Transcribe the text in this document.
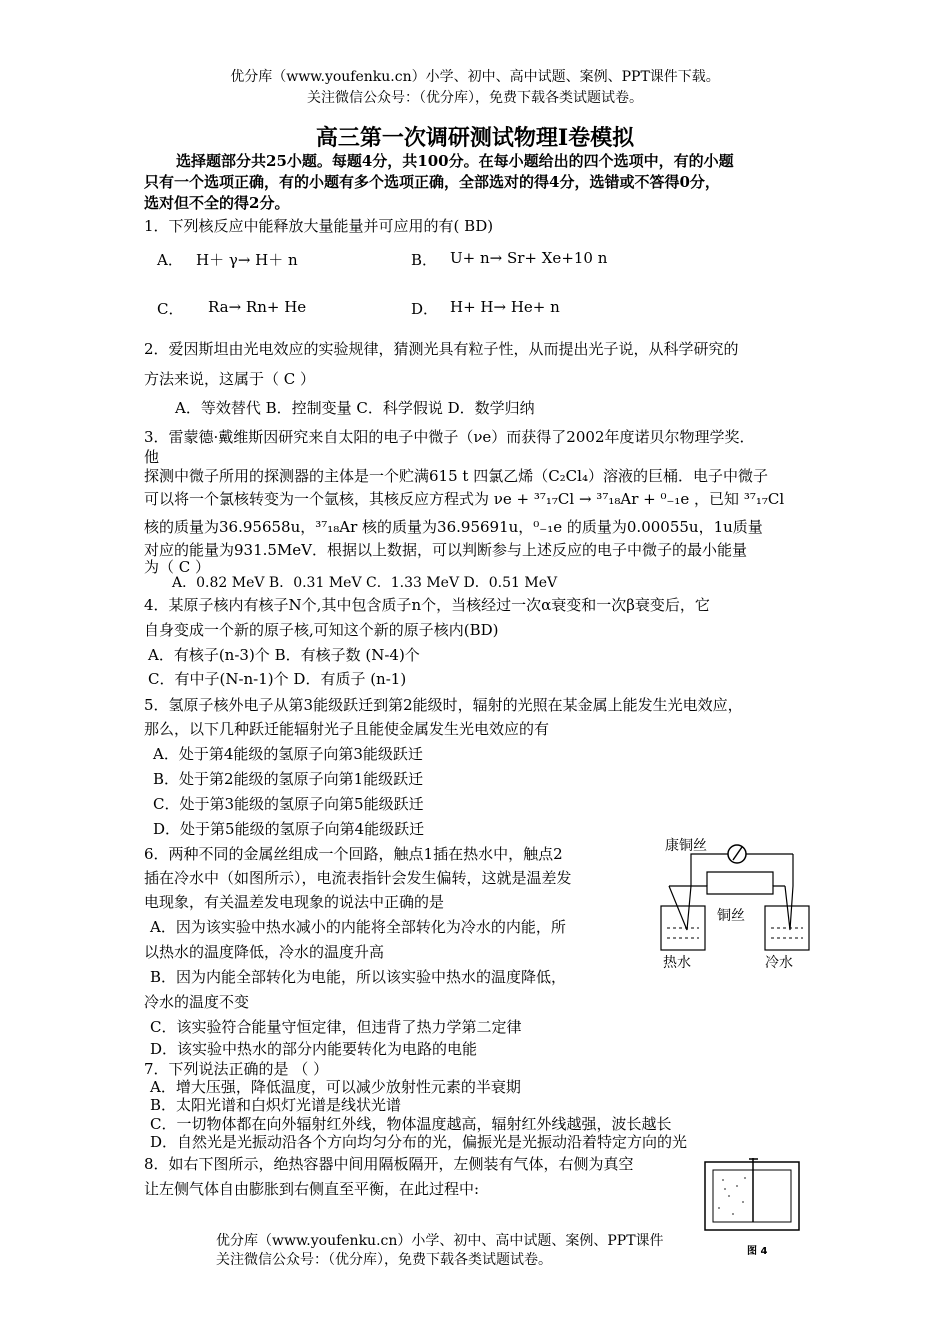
优分库（www.youfenku.cn）小学、初中、高中试题、案例、PPT课件下载。
关注微信公众号：（优分库），免费下载各类试题试卷。
高三第一次调研测试物理Ⅰ卷模拟
选择题部分共25小题。每题4分，共100分。在每小题给出的四个选项中，有的小题
只有一个选项正确，有的小题有多个选项正确，全部选对的得4分，选错或不答得0分，
选对但不全的得2分。
1．下列核反应中能释放大量能量并可应用的有( BD)
A． H＋ γ→ H＋ n	B． U+ n→ Sr+ Xe+10 n
C． Ra→ Rn+ He	D． H+ H→ He+ n
2．爱因斯坦由光电效应的实验规律，猜测光具有粒子性，从而提出光子说，从科学研究的
方法来说，这属于（ C ）
A．等效替代 B．控制变量 C．科学假说 D．数学归纳
3．雷蒙德·戴维斯因研究来自太阳的电子中微子（νe）而获得了2002年度诺贝尔物理学奖．
他
探测中微子所用的探测器的主体是一个贮满615 t 四氯乙烯（C₂Cl₄）溶液的巨桶．电子中微子
可以将一个氯核转变为一个氩核，其核反应方程式为 νe + ³⁷₁₇Cl → ³⁷₁₈Ar + ⁰₋₁e ，已知 ³⁷₁₇Cl
核的质量为36.95658u，³⁷₁₈Ar 核的质量为36.95691u，⁰₋₁e 的质量为0.00055u，1u质量
对应的能量为931.5MeV．根据以上数据，可以判断参与上述反应的电子中微子的最小能量
为（ C ）
A．0.82 MeV B．0.31 MeV C．1.33 MeV D．0.51 MeV
4．某原子核内有核子N个,其中包含质子n个，当核经过一次α衰变和一次β衰变后，它
自身变成一个新的原子核,可知这个新的原子核内(BD)
A．有核子(n-3)个 B．有核子数 (N-4)个
C．有中子(N-n-1)个 D．有质子 (n-1)
5．氢原子核外电子从第3能级跃迁到第2能级时，辐射的光照在某金属上能发生光电效应，
那么，以下几种跃迁能辐射光子且能使金属发生光电效应的有
A．处于第4能级的氢原子向第3能级跃迁
B．处于第2能级的氢原子向第1能级跃迁
C．处于第3能级的氢原子向第5能级跃迁
D．处于第5能级的氢原子向第4能级跃迁
6．两种不同的金属丝组成一个回路，触点1插在热水中，触点2
插在冷水中（如图所示），电流表指针会发生偏转，这就是温差发
电现象，有关温差发电现象的说法中正确的是
A．因为该实验中热水减小的内能将全部转化为冷水的内能，所
以热水的温度降低，冷水的温度升高
B．因为内能全部转化为电能，所以该实验中热水的温度降低，
冷水的温度不变
C．该实验符合能量守恒定律，但违背了热力学第二定律
D．该实验中热水的部分内能要转化为电路的电能
康铜丝
铜丝
热水	冷水
7．下列说法正确的是 （ ）
A．增大压强，降低温度，可以减少放射性元素的半衰期
B．太阳光谱和白炽灯光谱是线状光谱
C．一切物体都在向外辐射红外线，物体温度越高，辐射红外线越强，波长越长
D．自然光是光振动沿各个方向均匀分布的光，偏振光是光振动沿着特定方向的光
8．如右下图所示，绝热容器中间用隔板隔开，左侧装有气体，右侧为真空
让左侧气体自由膨胀到右侧直至平衡，在此过程中:
图 4
优分库（www.youfenku.cn）小学、初中、高中试题、案例、PPT课件
关注微信公众号：（优分库），免费下载各类试题试卷。
